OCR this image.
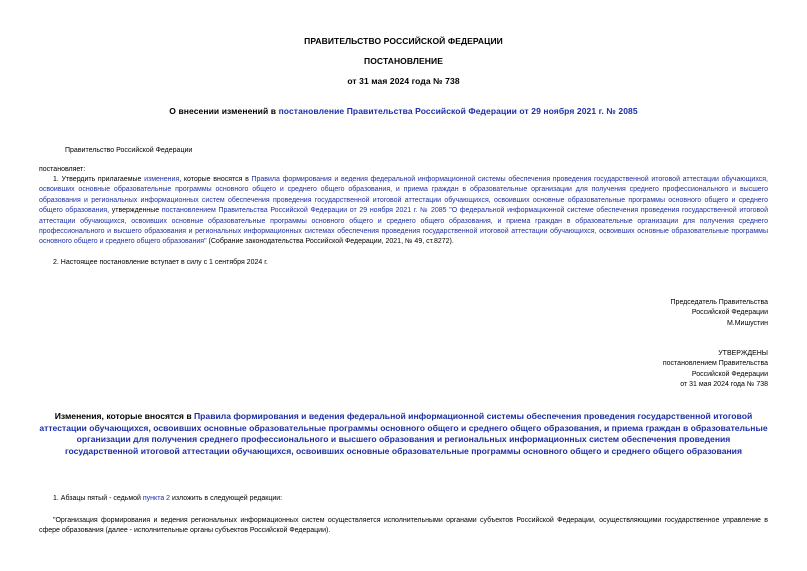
ПРАВИТЕЛЬСТВО РОССИЙСКОЙ ФЕДЕРАЦИИ
ПОСТАНОВЛЕНИЕ
от 31 мая 2024 года № 738
О внесении изменений в постановление Правительства Российской Федерации от 29 ноября 2021 г. № 2085
Правительство Российской Федерации
постановляет:
1. Утвердить прилагаемые изменения, которые вносятся в Правила формирования и ведения федеральной информационной системы обеспечения проведения государственной итоговой аттестации обучающихся, освоивших основные образовательные программы основного общего и среднего общего образования, и приема граждан в образовательные организации для получения среднего профессионального и высшего образования и региональных информационных систем обеспечения проведения государственной итоговой аттестации обучающихся, освоивших основные образовательные программы основного общего и среднего общего образования, утвержденные постановлением Правительства Российской Федерации от 29 ноября 2021 г. № 2085 "О федеральной информационной системе обеспечения проведения государственной итоговой аттестации обучающихся, освоивших основные образовательные программы основного общего и среднего общего образования, и приема граждан в образовательные организации для получения среднего профессионального и высшего образования и региональных информационных системах обеспечения проведения государственной итоговой аттестации обучающихся, освоивших основные образовательные программы основного общего и среднего общего образования" (Собрание законодательства Российской Федерации, 2021, № 49, ст.8272).
2. Настоящее постановление вступает в силу с 1 сентября 2024 г.
Председатель Правительства
Российской Федерации
М.Мишустин
УТВЕРЖДЕНЫ
постановлением Правительства
Российской Федерации
от 31 мая 2024 года № 738
Изменения, которые вносятся в Правила формирования и ведения федеральной информационной системы обеспечения проведения государственной итоговой аттестации обучающихся, освоивших основные образовательные программы основного общего и среднего общего образования, и приема граждан в образовательные организации для получения среднего профессионального и высшего образования и региональных информационных систем обеспечения проведения государственной итоговой аттестации обучающихся, освоивших основные образовательные программы основного общего и среднего общего образования
1. Абзацы пятый - седьмой пункта 2 изложить в следующей редакции:
"Организация формирования и ведения региональных информационных систем осуществляется исполнительными органами субъектов Российской Федерации, осуществляющими государственное управление в сфере образования (далее - исполнительные органы субъектов Российской Федерации).
